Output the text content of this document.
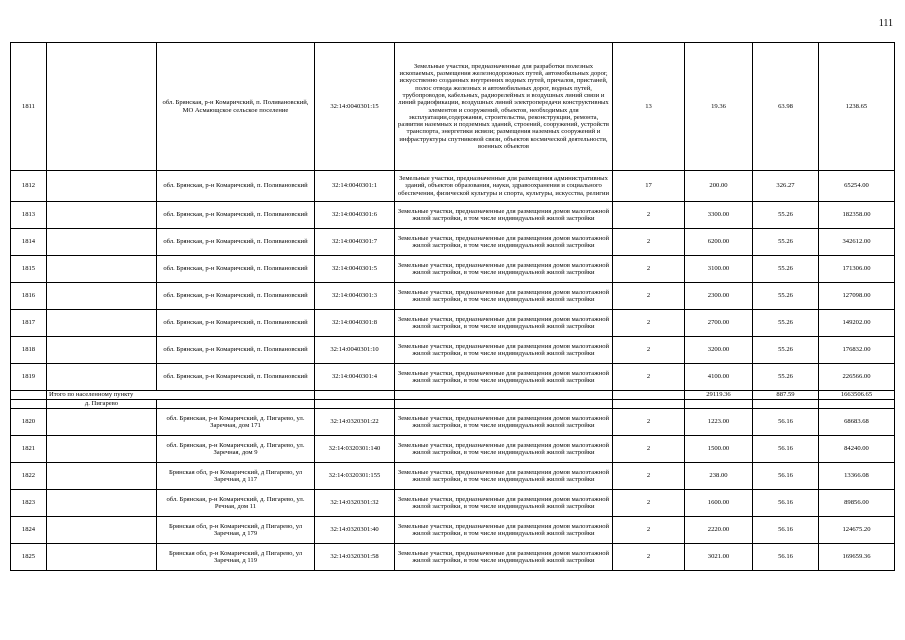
111
1811		обл. Брянская, р-н Комаричский, п. Поливановский, МО Асмающское сельское поселение	32:14:0040301:15	Земельные участки, предназначенные для разработки полезных ископаемых, размещения железнодорожных путей, автомобильных дорог, искусственно созданных внутренних водных путей, причалов, пристаней, полос отвода железных и автомобильных дорог, водных путей, трубопроводов, кабельных, радиорелейных и воздушных линий связи и линий радиофикации, воздушных линий электропередачи конструктивных элементов и сооружений, объектов, необходимых для эксплуатации,содержания, строительства, реконструкции, ремонта, развития наземных и подземных зданий, строений, сооружений, устройств транспорта, энергетики исвязи; размещения наземных сооружений и инфраструктуры спутниковой связи, объектов космической деятельности, военных объектов	13	19.36	63.98	1238.65
1812		обл. Брянская, р-н Комаричский, п. Поливановский	32:14:0040301:1	Земельные участки, предназначенные для размещения административных зданий, объектов образования, науки, здравоохранения и социального обеспечения, физической культуры и спорта, культуры, искусства, религии	17	200.00	326.27	65254.00
1813		обл. Брянская, р-н Комаричский, п. Поливановский	32:14:0040301:6	Земельные участки, предназначенные для размещения домов малоэтажной жилой застройки, в том числе индивидуальной жилой застройки	2	3300.00	55.26	182358.00
1814		обл. Брянская, р-н Комаричский, п. Поливановский	32:14:0040301:7	Земельные участки, предназначенные для размещения домов малоэтажной жилой застройки, в том числе индивидуальной жилой застройки	2	6200.00	55.26	342612.00
1815		обл. Брянская, р-н Комаричский, п. Поливановский	32:14:0040301:5	Земельные участки, предназначенные для размещения домов малоэтажной жилой застройки, в том числе индивидуальной жилой застройки	2	3100.00	55.26	171306.00
1816		обл. Брянская, р-н Комаричский, п. Поливановский	32:14:0040301:3	Земельные участки, предназначенные для размещения домов малоэтажной жилой застройки, в том числе индивидуальной жилой застройки	2	2300.00	55.26	127098.00
1817		обл. Брянская, р-н Комаричский, п. Поливановский	32:14:0040301:8	Земельные участки, предназначенные для размещения домов малоэтажной жилой застройки, в том числе индивидуальной жилой застройки	2	2700.00	55.26	149202.00
1818		обл. Брянская, р-н Комаричский, п. Поливановский	32:14:0040301:10	Земельные участки, предназначенные для размещения домов малоэтажной жилой застройки, в том числе индивидуальной жилой застройки	2	3200.00	55.26	176832.00
1819		обл. Брянская, р-н Комаричский, п. Поливановский	32:14:0040301:4	Земельные участки, предназначенные для размещения домов малоэтажной жилой застройки, в том числе индивидуальной жилой застройки	2	4100.00	55.26	226566.00
	Итого по населенному пункту					29119.36	887.59	1663506.65
	д. Пигарево							
1820		обл. Брянская, р-н Комаричский, д. Пигарево, ул. Заречная, дом 171	32:14:0320301:22	Земельные участки, предназначенные для размещения домов малоэтажной жилой застройки, в том числе индивидуальной жилой застройки	2	1223.00	56.16	68683.68
1821		обл. Брянская, р-н Комаричский, д. Пигарево, ул. Заречная, дом 9	32:14:0320301:140	Земельные участки, предназначенные для размещения домов малоэтажной жилой застройки, в том числе индивидуальной жилой застройки	2	1500.00	56.16	84240.00
1822		Брянская обл, р-н Комаричский, д Пигарево, ул Заречная, д 117	32:14:0320301:155	Земельные участки, предназначенные для размещения домов малоэтажной жилой застройки, в том числе индивидуальной жилой застройки	2	238.00	56.16	13366.08
1823		обл. Брянская, р-н Комаричский, д. Пигарево, ул. Речная, дом 11	32:14:0320301:32	Земельные участки, предназначенные для размещения домов малоэтажной жилой застройки, в том числе индивидуальной жилой застройки	2	1600.00	56.16	89856.00
1824		Брянская обл, р-н Комаричский, д Пигарево, ул Заречная, д 179	32:14:0320301:40	Земельные участки, предназначенные для размещения домов малоэтажной жилой застройки, в том числе индивидуальной жилой застройки	2	2220.00	56.16	124675.20
1825		Брянская обл, р-н Комаричский, д Пигарево, ул Заречная, д 119	32:14:0320301:58	Земельные участки, предназначенные для размещения домов малоэтажной жилой застройки, в том числе индивидуальной жилой застройки	2	3021.00	56.16	169659.36
